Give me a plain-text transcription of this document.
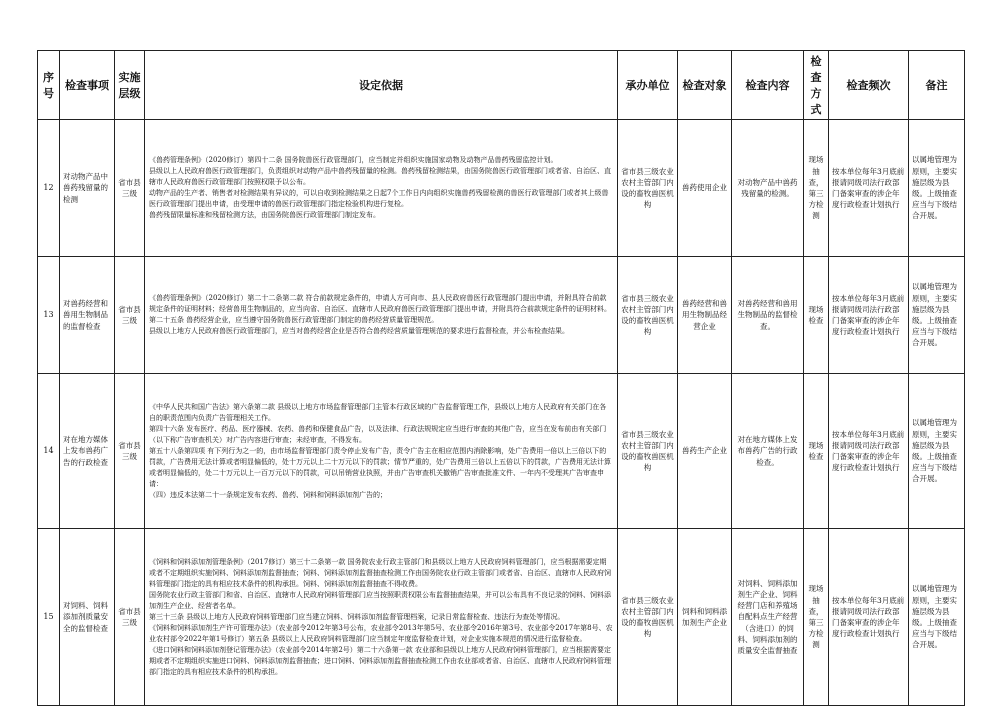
序号	检查事项	实施层级	设定依据	承办单位	检查对象	检查内容	检查方式	检查频次	备注
12	对动物产品中兽药残留量的检测	省市县三级	《兽药管理条例》（2020修订）第四十二条 国务院兽医行政管理部门，应当制定并组织实施国家动物及动物产品兽药残留监控计划。
县级以上人民政府兽医行政管理部门，负责组织对动物产品中兽药残留量的检测。兽药残留检测结果，由国务院兽医行政管理部门或者省、自治区、直辖市人民政府兽医行政管理部门按照权限予以公布。
动物产品的生产者、销售者对检测结果有异议的，可以自收到检测结果之日起7个工作日内向组织实施兽药残留检测的兽医行政管理部门或者其上级兽医行政管理部门提出申请，由受理申请的兽医行政管理部门指定检验机构进行复检。
兽药残留限量标准和残留检测方法，由国务院兽医行政管理部门制定发布。	省市县三级农业农村主管部门内设的畜牧兽医机构	兽药使用企业	对动物产品中兽药残留量的检测。	现场抽查，第三方检测	按本单位每年3月底前报请同级司法行政部门备案审查的涉企年度行政检查计划执行	以属地管理为原则，主要实施层级为县级。上级抽查应当与下级结合开展。
13	对兽药经营和兽用生物制品的监督检查	省市县三级	《兽药管理条例》（2020修订）第二十二条第二款 符合前款规定条件的，申请人方可向市、县人民政府兽医行政管理部门提出申请，并附具符合前款规定条件的证明材料；经营兽用生物制品的，应当向省、自治区、直辖市人民政府兽医行政管理部门提出申请，并附具符合前款规定条件的证明材料。
第二十五条 兽药经营企业，应当遵守国务院兽医行政管理部门制定的兽药经营质量管理规范。
县级以上地方人民政府兽医行政管理部门，应当对兽药经营企业是否符合兽药经营质量管理规范的要求进行监督检查，并公布检查结果。	省市县三级农业农村主管部门内设的畜牧兽医机构	兽药经营和兽用生物制品经营企业	对兽药经营和兽用生物制品的监督检查。	现场检查	按本单位每年3月底前报请同级司法行政部门备案审查的涉企年度行政检查计划执行	以属地管理为原则，主要实施层级为县级。上级抽查应当与下级结合开展。
14	对在地方媒体上发布兽药广告的行政检查	省市县三级	《中华人民共和国广告法》第六条第二款 县级以上地方市场监督管理部门主管本行政区域的广告监督管理工作，县级以上地方人民政府有关部门在各自的职责范围内负责广告管理相关工作。
第四十六条 发布医疗、药品、医疗器械、农药、兽药和保健食品广告，以及法律、行政法规规定应当进行审查的其他广告，应当在发布前由有关部门（以下称广告审查机关）对广告内容进行审查；未经审查，不得发布。
第五十八条第四项 有下列行为之一的，由市场监督管理部门责令停止发布广告，责令广告主在相应范围内消除影响，处广告费用一倍以上三倍以下的罚款，广告费用无法计算或者明显偏低的，处十万元以上二十万元以下的罚款；情节严重的，处广告费用三倍以上五倍以下的罚款，广告费用无法计算或者明显偏低的，处二十万元以上一百万元以下的罚款，可以吊销营业执照，并由广告审查机关撤销广告审查批准文件、一年内不受理其广告审查申请：
（四）违反本法第二十一条规定发布农药、兽药、饲料和饲料添加剂广告的；	省市县三级农业农村主管部门内设的畜牧兽医机构	兽药生产企业	对在地方媒体上发布兽药广告的行政检查。	现场检查	按本单位每年3月底前报请同级司法行政部门备案审查的涉企年度行政检查计划执行	以属地管理为原则，主要实施层级为县级。上级抽查应当与下级结合开展。
15	对饲料、饲料添加剂质量安全的监督检查	省市县三级	《饲料和饲料添加剂管理条例》（2017修订）第三十二条第一款 国务院农业行政主管部门和县级以上地方人民政府饲料管理部门，应当根据需要定期或者不定期组织实施饲料、饲料添加剂监督抽查；饲料、饲料添加剂监督抽查检测工作由国务院农业行政主管部门或者省、自治区、直辖市人民政府饲料管理部门指定的具有相应技术条件的机构承担。饲料、饲料添加剂监督抽查不得收费。
国务院农业行政主管部门和省、自治区、直辖市人民政府饲料管理部门应当按照职责权限公布监督抽查结果，并可以公布具有不良记录的饲料、饲料添加剂生产企业、经营者名单。
第三十三条 县级以上地方人民政府饲料管理部门应当建立饲料、饲料添加剂监督管理档案，记录日常监督检查、违法行为查处等情况。
《饲料和饲料添加剂生产许可管理办法》（农业部令2012年第3号公布，农业部令2013年第5号、农业部令2016年第3号、农业部令2017年第8号、农业农村部令2022年第1号修订）第五条 县级以上人民政府饲料管理部门应当制定年度监督检查计划，对企业实施本规范的情况进行监督检查。
《进口饲料和饲料添加剂登记管理办法》（农业部令2014年第2号）第二十六条第一款 农业部和县级以上地方人民政府饲料管理部门，应当根据需要定期或者不定期组织实施进口饲料、饲料添加剂监督抽查；进口饲料、饲料添加剂监督抽查检测工作由农业部或者省、自治区、直辖市人民政府饲料管理部门指定的具有相应技术条件的机构承担。	省市县三级农业农村主管部门内设的畜牧兽医机构	饲料和饲料添加剂生产企业	对饲料、饲料添加剂生产企业、饲料经营门店和养殖场自配料点生产经营（含进口）的饲料、饲料添加剂的质量安全监督抽查	现场抽查，第三方检测	按本单位每年3月底前报请同级司法行政部门备案审查的涉企年度行政检查计划执行	以属地管理为原则，主要实施层级为县级。上级抽查应当与下级结合开展。
